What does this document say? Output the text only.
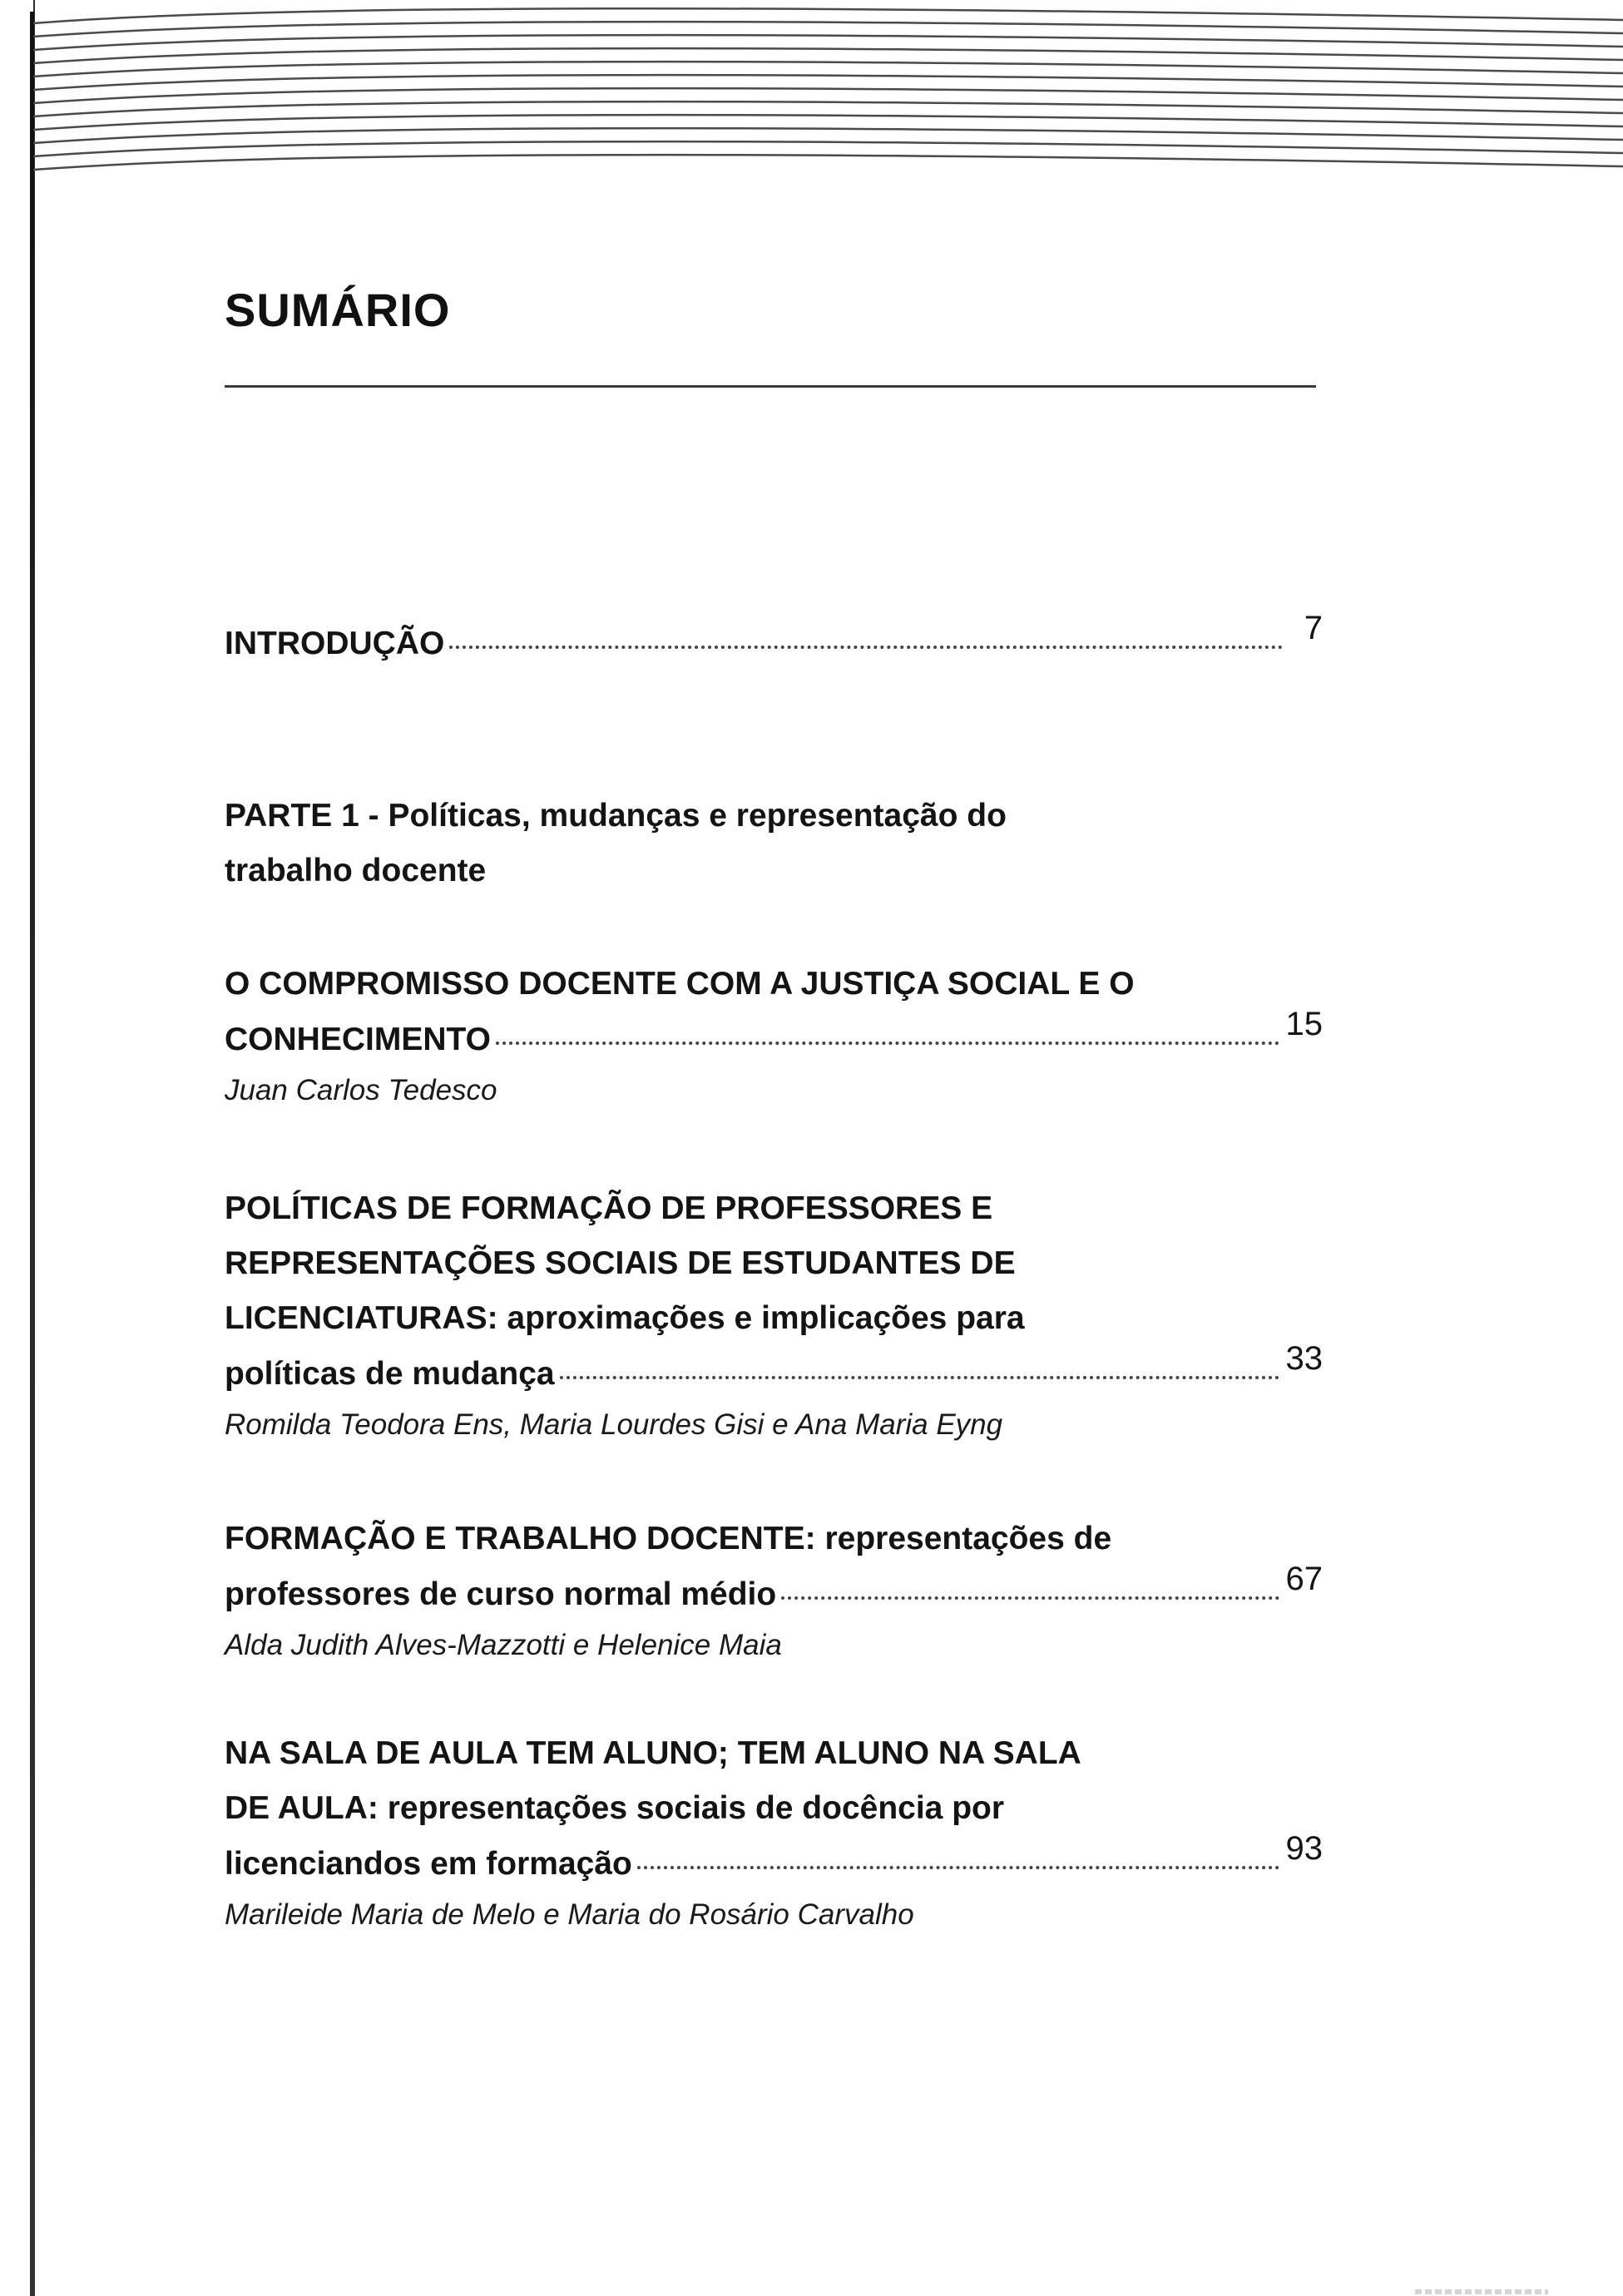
SUMÁRIO
INTRODUÇÃO	7
PARTE 1 - Políticas, mudanças e representação do
trabalho docente
O COMPROMISSO DOCENTE COM A JUSTIÇA SOCIAL E O
CONHECIMENTO	15
Juan Carlos Tedesco
POLÍTICAS DE FORMAÇÃO DE PROFESSORES E
REPRESENTAÇÕES SOCIAIS DE ESTUDANTES DE
LICENCIATURAS: aproximações e implicações para
políticas de mudança	33
Romilda Teodora Ens, Maria Lourdes Gisi e Ana Maria Eyng
FORMAÇÃO E TRABALHO DOCENTE: representações de
professores de curso normal médio	67
Alda Judith Alves-Mazzotti e Helenice Maia
NA SALA DE AULA TEM ALUNO; TEM ALUNO NA SALA
DE AULA: representações sociais de docência por
licenciandos em formação	93
Marileide Maria de Melo e Maria do Rosário Carvalho
